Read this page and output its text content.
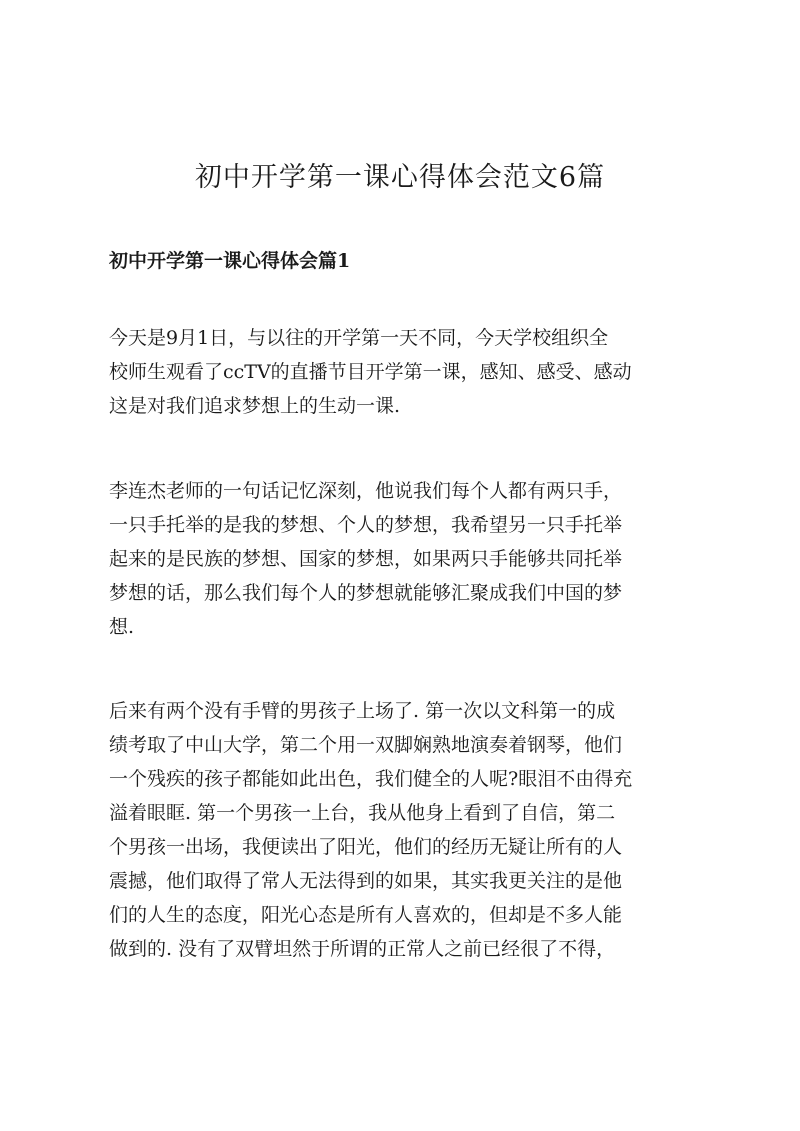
初中开学第一课心得体会范文6篇
初中开学第一课心得体会篇1
今天是9月1日，与以往的开学第一天不同，今天学校组织全
校师生观看了ccTV的直播节目开学第一课，感知、感受、感动
这是对我们追求梦想上的生动一课.
李连杰老师的一句话记忆深刻，他说我们每个人都有两只手，
一只手托举的是我的梦想、个人的梦想，我希望另一只手托举
起来的是民族的梦想、国家的梦想，如果两只手能够共同托举
梦想的话，那么我们每个人的梦想就能够汇聚成我们中国的梦
想.
后来有两个没有手臂的男孩子上场了. 第一次以文科第一的成
绩考取了中山大学，第二个用一双脚娴熟地演奏着钢琴，他们
一个残疾的孩子都能如此出色，我们健全的人呢?眼泪不由得充
溢着眼眶. 第一个男孩一上台，我从他身上看到了自信，第二
个男孩一出场，我便读出了阳光，他们的经历无疑让所有的人
震撼，他们取得了常人无法得到的如果，其实我更关注的是他
们的人生的态度，阳光心态是所有人喜欢的，但却是不多人能
做到的. 没有了双臂坦然于所谓的正常人之前已经很了不得，
